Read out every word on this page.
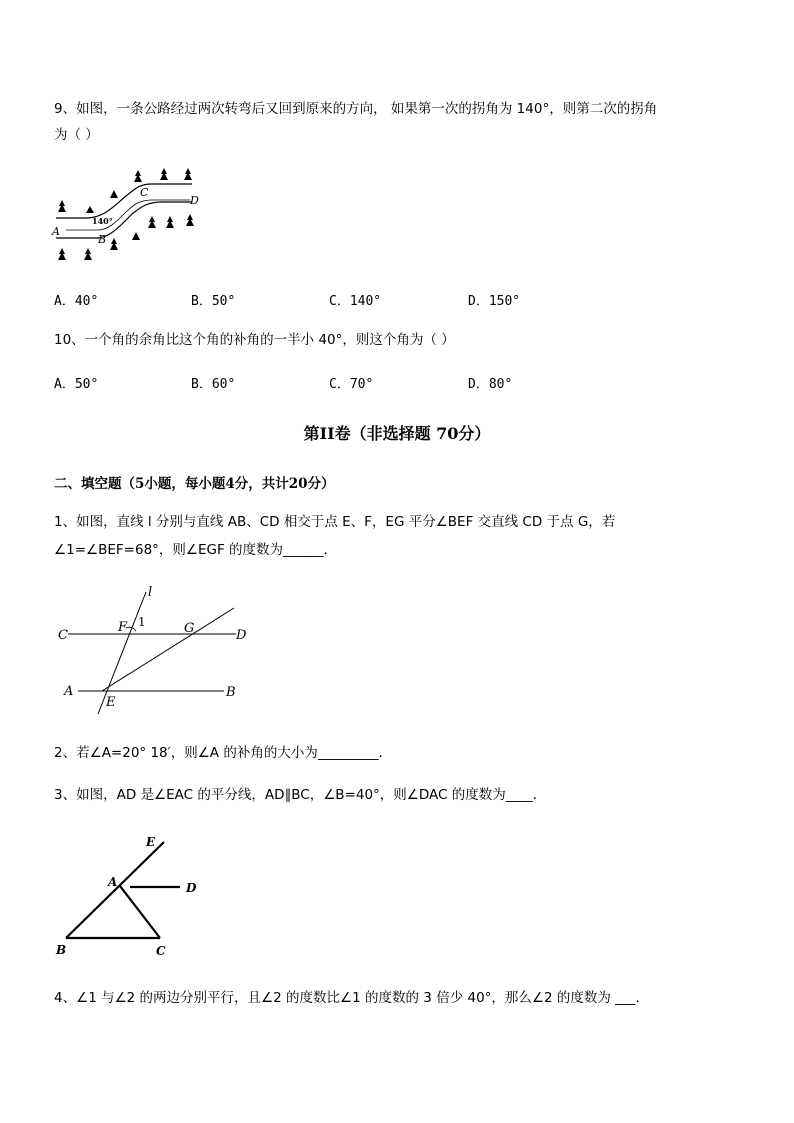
9、如图，一条公路经过两次转弯后又回到原来的方向， 如果第一次的拐角为 140°，则第二次的拐角
为（ ）
A
B
C
D
140°
A．40°	B．50°	C．140°	D．150°
10、一个角的余角比这个角的补角的一半小 40°，则这个角为（ ）
A．50°	B．60°	C．70°	D．80°
第II卷（非选择题 70分）
二、填空题（5小题，每小题4分，共计20分）
1、如图，直线 l 分别与直线 AB、CD 相交于点 E、F，EG 平分∠BEF 交直线 CD 于点 G，若
∠1=∠BEF=68°，则∠EGF 的度数为______．
l
C
F 1	G	D
A
E
B
2、若∠A=20° 18′，则∠A 的补角的大小为_________．
3、如图，AD 是∠EAC 的平分线，AD∥BC，∠B=40°，则∠DAC 的度数为____．
E
A	D
B	C
4、∠1 与∠2 的两边分别平行，且∠2 的度数比∠1 的度数的 3 倍少 40°，那么∠2 的度数为 ___.
